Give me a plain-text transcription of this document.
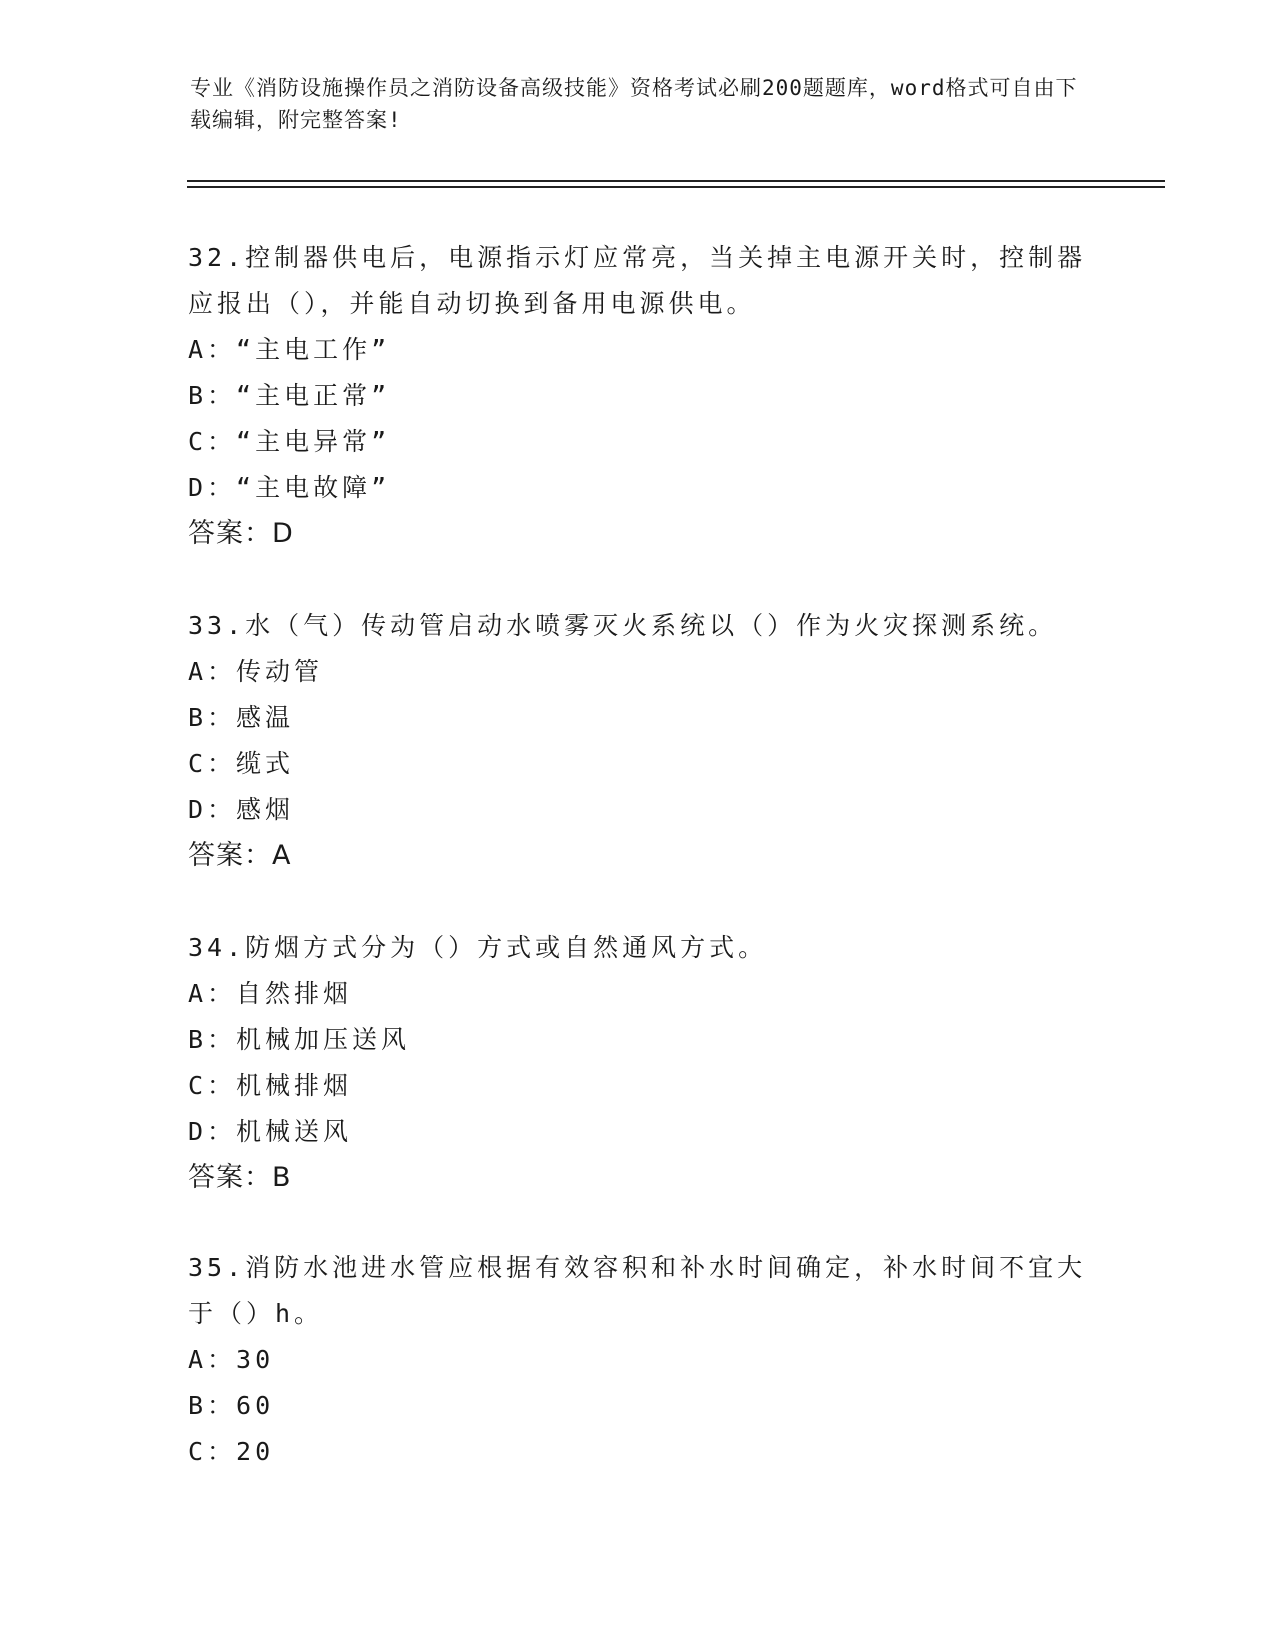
专业《消防设施操作员之消防设备高级技能》资格考试必刷200题题库，word格式可自由下载编辑，附完整答案!

32.控制器供电后，电源指示灯应常亮，当关掉主电源开关时，控制器应报出（），并能自动切换到备用电源供电。

A：“主电工作”
B：“主电正常”
C：“主电异常”
D：“主电故障”
答案：D

33.水（气）传动管启动水喷雾灭火系统以（）作为火灾探测系统。

A：传动管
B：感温
C：缆式
D：感烟
答案：A

34.防烟方式分为（）方式或自然通风方式。

A：自然排烟
B：机械加压送风
C：机械排烟
D：机械送风
答案：B

35.消防水池进水管应根据有效容积和补水时间确定，补水时间不宜大于（）h。

A：30
B：60
C：20
